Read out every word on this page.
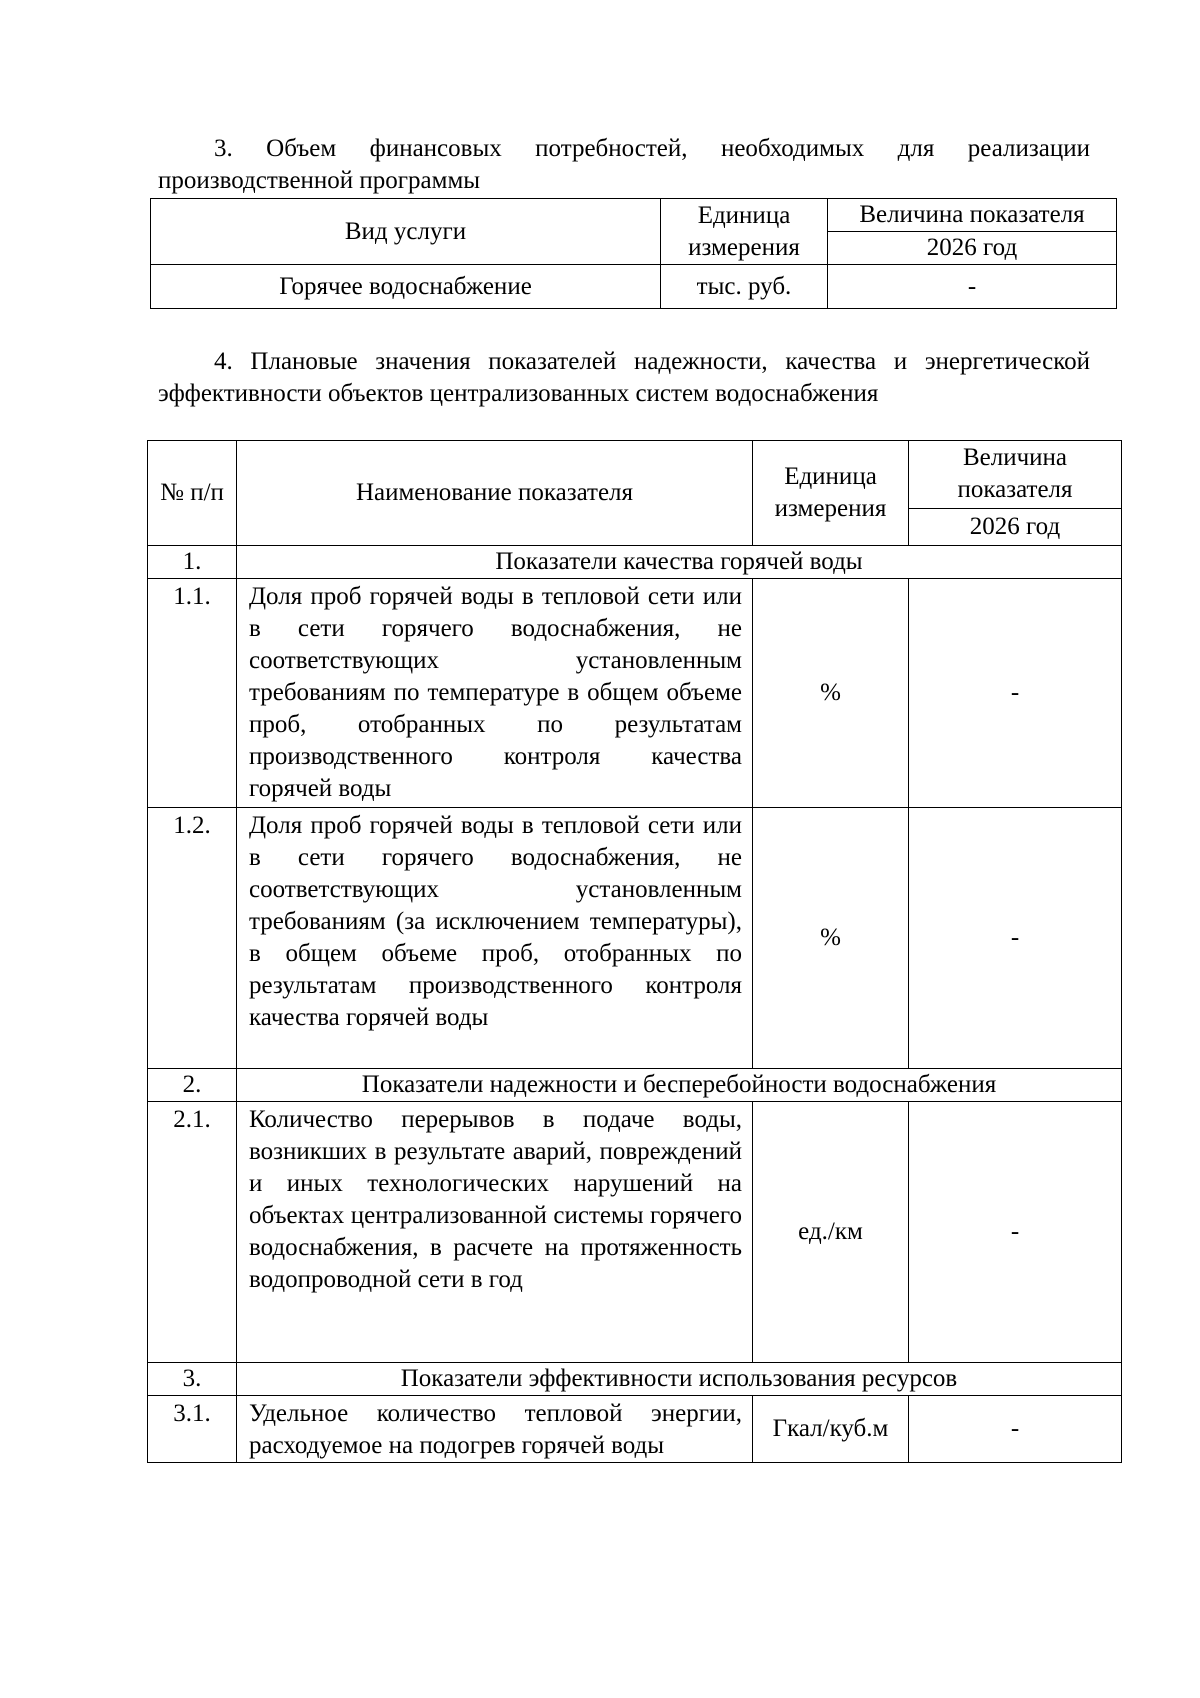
3. Объем финансовых потребностей, необходимых для реализации производственной программы
Вид услуги	Единица измерения	Величина показателя
		2026 год
Горячее водоснабжение	тыс. руб.	-
4. Плановые значения показателей надежности, качества и энергетической эффективности объектов централизованных систем водоснабжения
№ п/п	Наименование показателя	Единица измерения	Величина показателя
			2026 год
1.	Показатели качества горячей воды		
1.1.	Доля проб горячей воды в тепловой сети или в сети горячего водоснабжения, не соответствующих установленным требованиям по температуре в общем объеме проб, отобранных по результатам производственного контроля качества горячей воды	%	-
1.2.	Доля проб горячей воды в тепловой сети или в сети горячего водоснабжения, не соответствующих установленным требованиям (за исключением температуры), в общем объеме проб, отобранных по результатам производственного контроля качества горячей воды	%	-
2.	Показатели надежности и бесперебойности водоснабжения		
2.1.	Количество перерывов в подаче воды, возникших в результате аварий, повреждений и иных технологических нарушений на объектах централизованной системы горячего водоснабжения, в расчете на протяженность водопроводной сети в год	ед./км	-
3.	Показатели эффективности использования ресурсов		
3.1.	Удельное количество тепловой энергии, расходуемое на подогрев горячей воды	Гкал/куб.м	-
